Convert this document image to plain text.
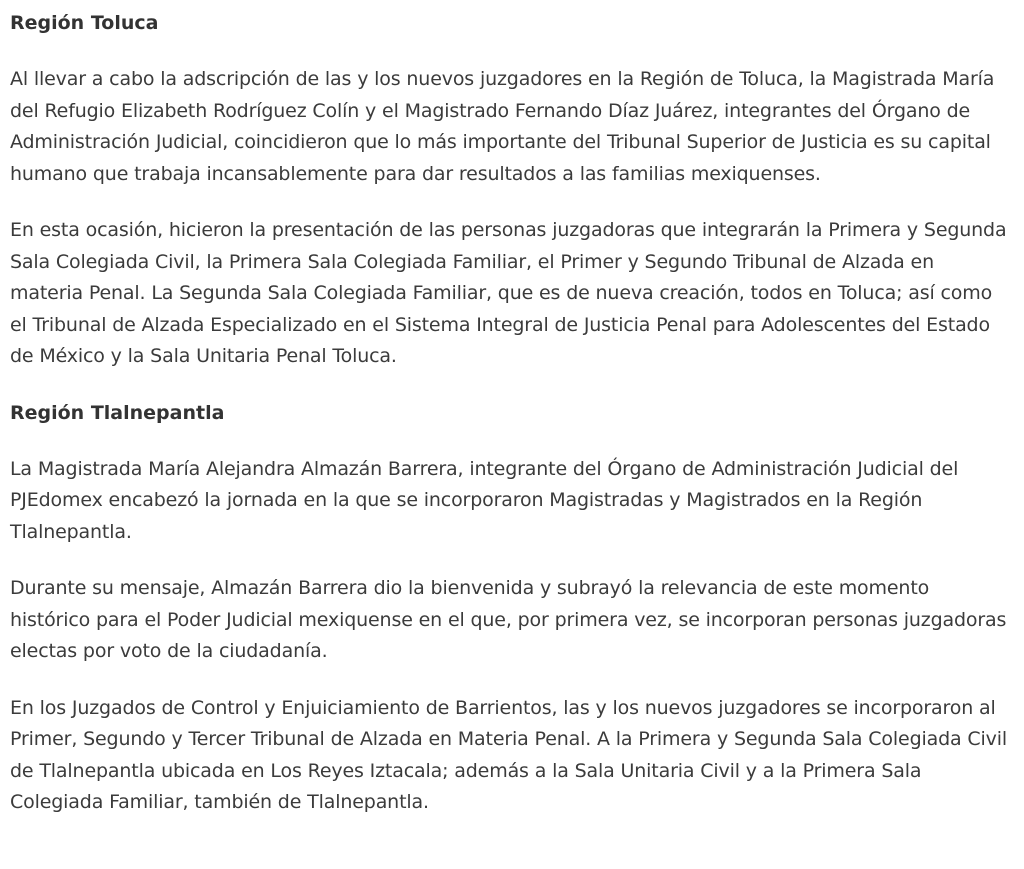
Región Toluca

Al llevar a cabo la adscripción de las y los nuevos juzgadores en la Región de Toluca, la Magistrada María del Refugio Elizabeth Rodríguez Colín y el Magistrado Fernando Díaz Juárez, integrantes del Órgano de Administración Judicial, coincidieron que lo más importante del Tribunal Superior de Justicia es su capital humano que trabaja incansablemente para dar resultados a las familias mexiquenses.

En esta ocasión, hicieron la presentación de las personas juzgadoras que integrarán la Primera y Segunda Sala Colegiada Civil, la Primera Sala Colegiada Familiar, el Primer y Segundo Tribunal de Alzada en materia Penal. La Segunda Sala Colegiada Familiar, que es de nueva creación, todos en Toluca; así como el Tribunal de Alzada Especializado en el Sistema Integral de Justicia Penal para Adolescentes del Estado de México y la Sala Unitaria Penal Toluca.

Región Tlalnepantla

La Magistrada María Alejandra Almazán Barrera, integrante del Órgano de Administración Judicial del PJEdomex encabezó la jornada en la que se incorporaron Magistradas y Magistrados en la Región Tlalnepantla.

Durante su mensaje, Almazán Barrera dio la bienvenida y subrayó la relevancia de este momento histórico para el Poder Judicial mexiquense en el que, por primera vez, se incorporan personas juzgadoras electas por voto de la ciudadanía.

En los Juzgados de Control y Enjuiciamiento de Barrientos, las y los nuevos juzgadores se incorporaron al Primer, Segundo y Tercer Tribunal de Alzada en Materia Penal. A la Primera y Segunda Sala Colegiada Civil de Tlalnepantla ubicada en Los Reyes Iztacala; además a la Sala Unitaria Civil y a la Primera Sala Colegiada Familiar, también de Tlalnepantla.
